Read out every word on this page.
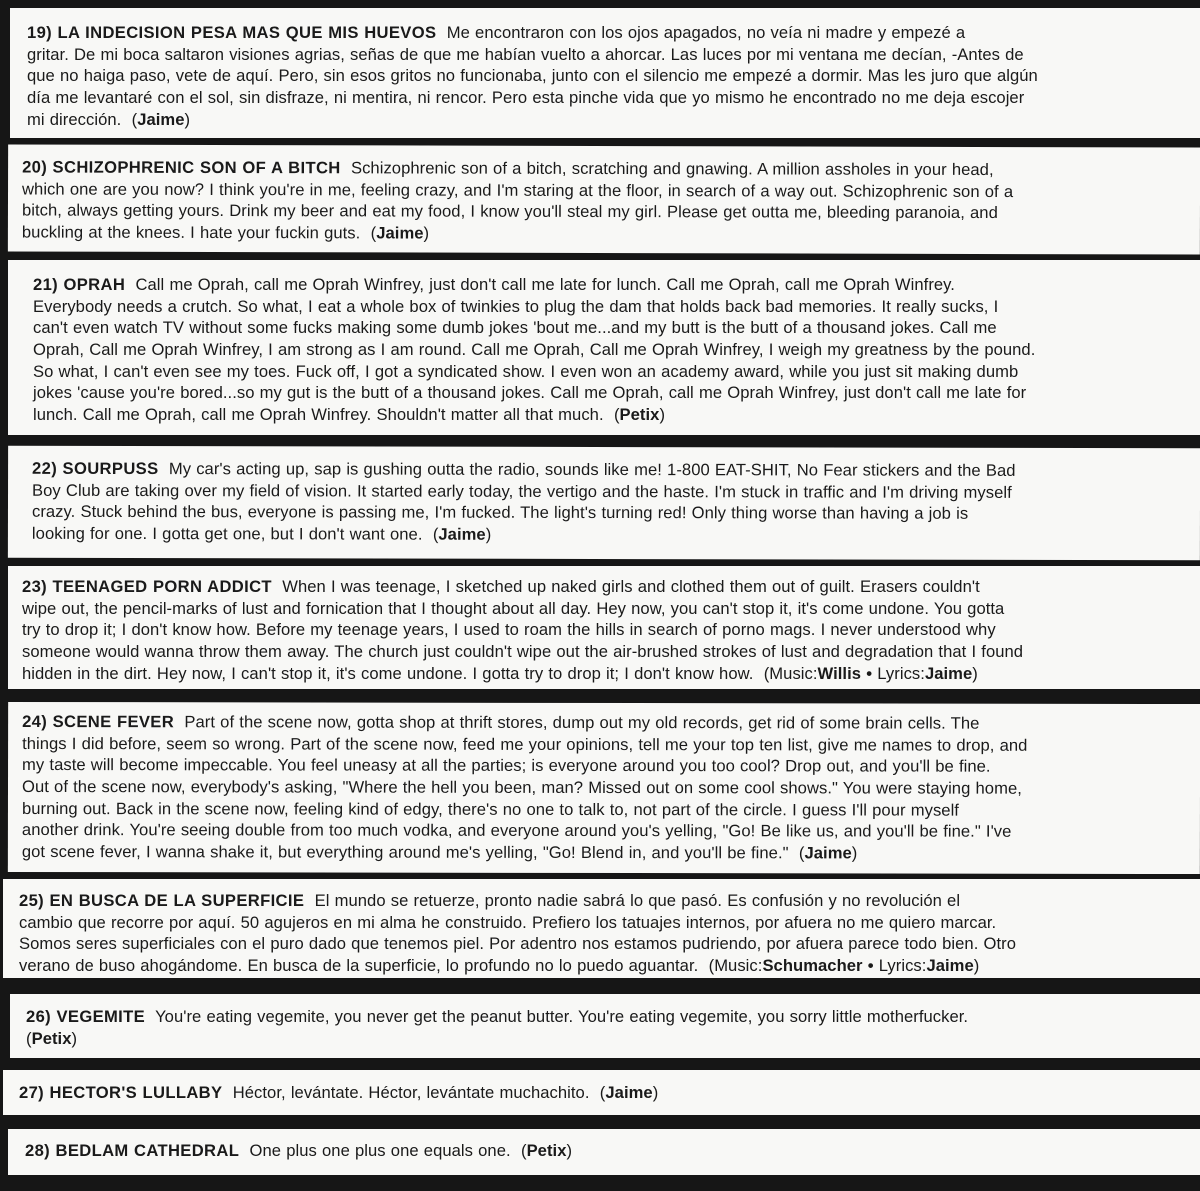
19) LA INDECISION PESA MAS QUE MIS HUEVOS Me encontraron con los ojos apagados, no veía ni madre y empezé a
gritar. De mi boca saltaron visiones agrias, señas de que me habían vuelto a ahorcar. Las luces por mi ventana me decían, -Antes de
que no haiga paso, vete de aquí. Pero, sin esos gritos no funcionaba, junto con el silencio me empezé a dormir. Mas les juro que algún
día me levantaré con el sol, sin disfraze, ni mentira, ni rencor. Pero esta pinche vida que yo mismo he encontrado no me deja escojer
mi dirección.  (Jaime)
20) SCHIZOPHRENIC SON OF A BITCH Schizophrenic son of a bitch, scratching and gnawing. A million assholes in your head,
which one are you now? I think you're in me, feeling crazy, and I'm staring at the floor, in search of a way out. Schizophrenic son of a
bitch, always getting yours. Drink my beer and eat my food, I know you'll steal my girl. Please get outta me, bleeding paranoia, and
buckling at the knees. I hate your fuckin guts.  (Jaime)
21) OPRAH Call me Oprah, call me Oprah Winfrey, just don't call me late for lunch. Call me Oprah, call me Oprah Winfrey.
Everybody needs a crutch. So what, I eat a whole box of twinkies to plug the dam that holds back bad memories. It really sucks, I
can't even watch TV without some fucks making some dumb jokes 'bout me...and my butt is the butt of a thousand jokes. Call me
Oprah, Call me Oprah Winfrey, I am strong as I am round. Call me Oprah, Call me Oprah Winfrey, I weigh my greatness by the pound.
So what, I can't even see my toes. Fuck off, I got a syndicated show. I even won an academy award, while you just sit making dumb
jokes 'cause you're bored...so my gut is the butt of a thousand jokes. Call me Oprah, call me Oprah Winfrey, just don't call me late for
lunch. Call me Oprah, call me Oprah Winfrey. Shouldn't matter all that much.  (Petix)
22) SOURPUSS My car's acting up, sap is gushing outta the radio, sounds like me! 1-800 EAT-SHIT, No Fear stickers and the Bad
Boy Club are taking over my field of vision. It started early today, the vertigo and the haste. I'm stuck in traffic and I'm driving myself
crazy. Stuck behind the bus, everyone is passing me, I'm fucked. The light's turning red! Only thing worse than having a job is
looking for one. I gotta get one, but I don't want one.  (Jaime)
23) TEENAGED PORN ADDICT When I was teenage, I sketched up naked girls and clothed them out of guilt. Erasers couldn't
wipe out, the pencil-marks of lust and fornication that I thought about all day. Hey now, you can't stop it, it's come undone. You gotta
try to drop it; I don't know how. Before my teenage years, I used to roam the hills in search of porno mags. I never understood why
someone would wanna throw them away. The church just couldn't wipe out the air-brushed strokes of lust and degradation that I found
hidden in the dirt. Hey now, I can't stop it, it's come undone. I gotta try to drop it; I don't know how.  (Music:Willis • Lyrics:Jaime)
24) SCENE FEVER Part of the scene now, gotta shop at thrift stores, dump out my old records, get rid of some brain cells. The
things I did before, seem so wrong. Part of the scene now, feed me your opinions, tell me your top ten list, give me names to drop, and
my taste will become impeccable. You feel uneasy at all the parties; is everyone around you too cool? Drop out, and you'll be fine.
Out of the scene now, everybody's asking, "Where the hell you been, man? Missed out on some cool shows." You were staying home,
burning out. Back in the scene now, feeling kind of edgy, there's no one to talk to, not part of the circle. I guess I'll pour myself
another drink. You're seeing double from too much vodka, and everyone around you's yelling, "Go! Be like us, and you'll be fine." I've
got scene fever, I wanna shake it, but everything around me's yelling, "Go! Blend in, and you'll be fine."  (Jaime)
25) EN BUSCA DE LA SUPERFICIE El mundo se retuerze, pronto nadie sabrá lo que pasó. Es confusión y no revolución el
cambio que recorre por aquí. 50 agujeros en mi alma he construido. Prefiero los tatuajes internos, por afuera no me quiero marcar.
Somos seres superficiales con el puro dado que tenemos piel. Por adentro nos estamos pudriendo, por afuera parece todo bien. Otro
verano de buso ahogándome. En busca de la superficie, lo profundo no lo puedo aguantar.  (Music:Schumacher • Lyrics:Jaime)
26) VEGEMITE You're eating vegemite, you never get the peanut butter. You're eating vegemite, you sorry little motherfucker.
(Petix)
27) HECTOR'S LULLABY Héctor, levántate. Héctor, levántate muchachito.  (Jaime)
28) BEDLAM CATHEDRAL One plus one plus one equals one.  (Petix)
